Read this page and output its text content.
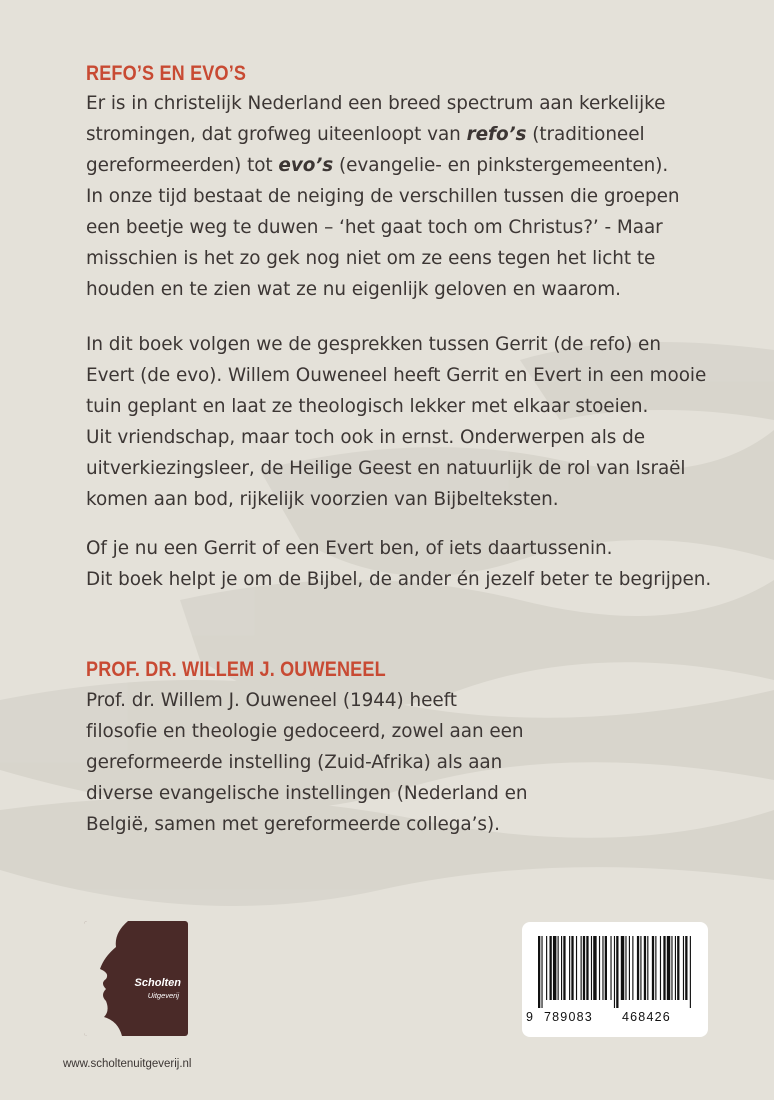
REFO’S EN EVO’S
Er is in christelijk Nederland een breed spectrum aan kerkelijke
stromingen, dat grofweg uiteenloopt van refo’s (traditioneel
gereformeerden) tot evo’s (evangelie- en pinkstergemeenten).
In onze tijd bestaat de neiging de verschillen tussen die groepen
een beetje weg te duwen – ‘het gaat toch om Christus?’ - Maar
misschien is het zo gek nog niet om ze eens tegen het licht te
houden en te zien wat ze nu eigenlijk geloven en waarom.
In dit boek volgen we de gesprekken tussen Gerrit (de refo) en
Evert (de evo). Willem Ouweneel heeft Gerrit en Evert in een mooie
tuin geplant en laat ze theologisch lekker met elkaar stoeien.
Uit vriendschap, maar toch ook in ernst. Onderwerpen als de
uitverkiezingsleer, de Heilige Geest en natuurlijk de rol van Israël
komen aan bod, rijkelijk voorzien van Bijbelteksten.
Of je nu een Gerrit of een Evert ben, of iets daartussenin.
Dit boek helpt je om de Bijbel, de ander én jezelf beter te begrijpen.
PROF. DR. WILLEM J. OUWENEEL
Prof. dr. Willem J. Ouweneel (1944) heeft
filosofie en theologie gedoceerd, zowel aan een
gereformeerde instelling (Zuid-Afrika) als aan
diverse evangelische instellingen (Nederland en
België, samen met gereformeerde collega’s).
Scholten
Uitgeverij
www.scholtenuitgeverij.nl
9 789083 468426
